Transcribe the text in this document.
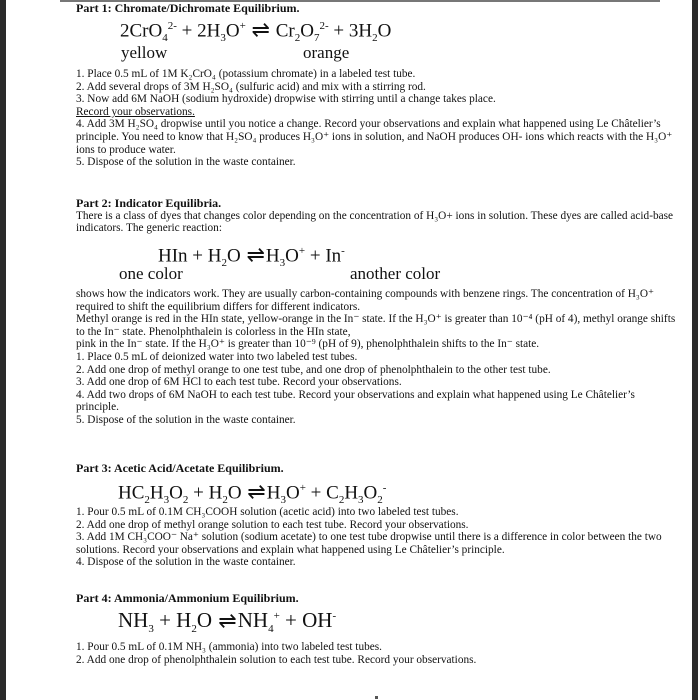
Part 1: Chromate/Dichromate Equilibrium.

$2CrO_4^{2-} + 2H_3O^+$ ⇌ $Cr_2O_7^{2-} + 3H_2O$
yellow	orange

1. Place 0.5 mL of 1M K₂CrO₄ (potassium chromate) in a labeled test tube.

2. Add several drops of 3M H₂SO₄ (sulfuric acid) and mix with a stirring rod.

3. Now add 6M NaOH (sodium hydroxide) dropwise with stirring until a change takes place.

Record your observations.

4. Add 3M H₂SO₄ dropwise until you notice a change. Record your observations and explain what happened using Le Châtelier’s principle. You need to know that H₂SO₄ produces H₃O⁺ ions in solution, and NaOH produces OH- ions which reacts with the H₃O⁺ ions to produce water.

5. Dispose of the solution in the waste container.

Part 2: Indicator Equilibria.

There is a class of dyes that changes color depending on the concentration of H₃O+ ions in solution. These dyes are called acid-base indicators. The generic reaction:

HIn + $H_2O$ $\rightleftharpoons H_3O^+ + In^-$
one color	another color

shows how the indicators work. They are usually carbon-containing compounds with benzene rings. The concentration of H₃O⁺ required to shift the equilibrium differs for different indicators.

Methyl orange is red in the HIn state, yellow-orange in the In⁻ state. If the H₃O⁺ is greater than 10⁻⁴ (pH of 4), methyl orange shifts to the In⁻ state. Phenolphthalein is colorless in the HIn state,

pink in the In⁻ state. If the H₃O⁺ is greater than 10⁻⁹ (pH of 9), phenolphthalein shifts to the In⁻ state.

1. Place 0.5 mL of deionized water into two labeled test tubes.

2. Add one drop of methyl orange to one test tube, and one drop of phenolphthalein to the other test tube.

3. Add one drop of 6M HCl to each test tube. Record your observations.

4. Add two drops of 6M NaOH to each test tube. Record your observations and explain what happened using Le Châtelier’s principle.

5. Dispose of the solution in the waste container.

Part 3: Acetic Acid/Acetate Equilibrium.

$HC_2H_3O_2 + H_2O$ $\rightleftharpoons H_3O^+ + C_2H_3O_2^-$

1. Pour 0.5 mL of 0.1M CH₃COOH solution (acetic acid) into two labeled test tubes.

2. Add one drop of methyl orange solution to each test tube. Record your observations.

3. Add 1M CH₃COO⁻ Na⁺ solution (sodium acetate) to one test tube dropwise until there is a difference in color between the two solutions. Record your observations and explain what happened using Le Châtelier’s principle.

4. Dispose of the solution in the waste container.

Part 4: Ammonia/Ammonium Equilibrium.

$NH_3 + H_2O$ $\rightleftharpoons NH_4^+ + OH^-$

1. Pour 0.5 mL of 0.1M NH₃ (ammonia) into two labeled test tubes.

2. Add one drop of phenolphthalein solution to each test tube. Record your observations.
